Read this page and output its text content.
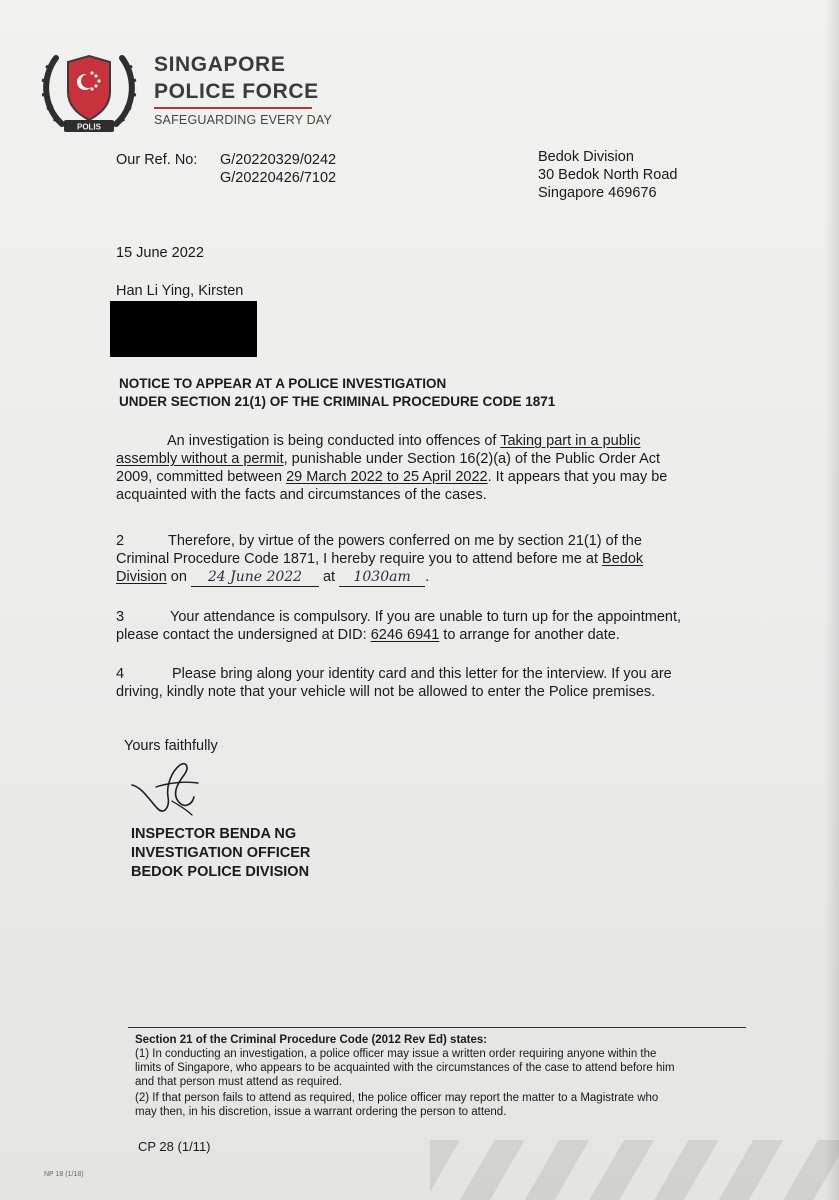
POLIS
SINGAPORE
POLICE FORCE
SAFEGUARDING EVERY DAY
Our Ref. No: G/20220329/0242
G/20220426/7102
Bedok Division
30 Bedok North Road
Singapore 469676
15 June 2022
Han Li Ying, Kirsten
NOTICE TO APPEAR AT A POLICE INVESTIGATION
UNDER SECTION 21(1) OF THE CRIMINAL PROCEDURE CODE 1871
An investigation is being conducted into offences of Taking part in a public
assembly without a permit, punishable under Section 16(2)(a) of the Public Order Act
2009, committed between 29 March 2022 to 25 April 2022. It appears that you may be
acquainted with the facts and circumstances of the cases.
2	Therefore, by virtue of the powers conferred on me by section 21(1) of the
Criminal Procedure Code 1871, I hereby require you to attend before me at Bedok
Division on 24 June 2022 at 1030am .
3	Your attendance is compulsory. If you are unable to turn up for the appointment,
please contact the undersigned at DID: 6246 6941 to arrange for another date.
4	Please bring along your identity card and this letter for the interview. If you are
driving, kindly note that your vehicle will not be allowed to enter the Police premises.
Yours faithfully
INSPECTOR BENDA NG
INVESTIGATION OFFICER
BEDOK POLICE DIVISION
Section 21 of the Criminal Procedure Code (2012 Rev Ed) states:
(1) In conducting an investigation, a police officer may issue a written order requiring anyone within the
limits of Singapore, who appears to be acquainted with the circumstances of the case to attend before him
and that person must attend as required.
(2) If that person fails to attend as required, the police officer may report the matter to a Magistrate who
may then, in his discretion, issue a warrant ordering the person to attend.
CP 28 (1/11)
NP 18 (1/18)
